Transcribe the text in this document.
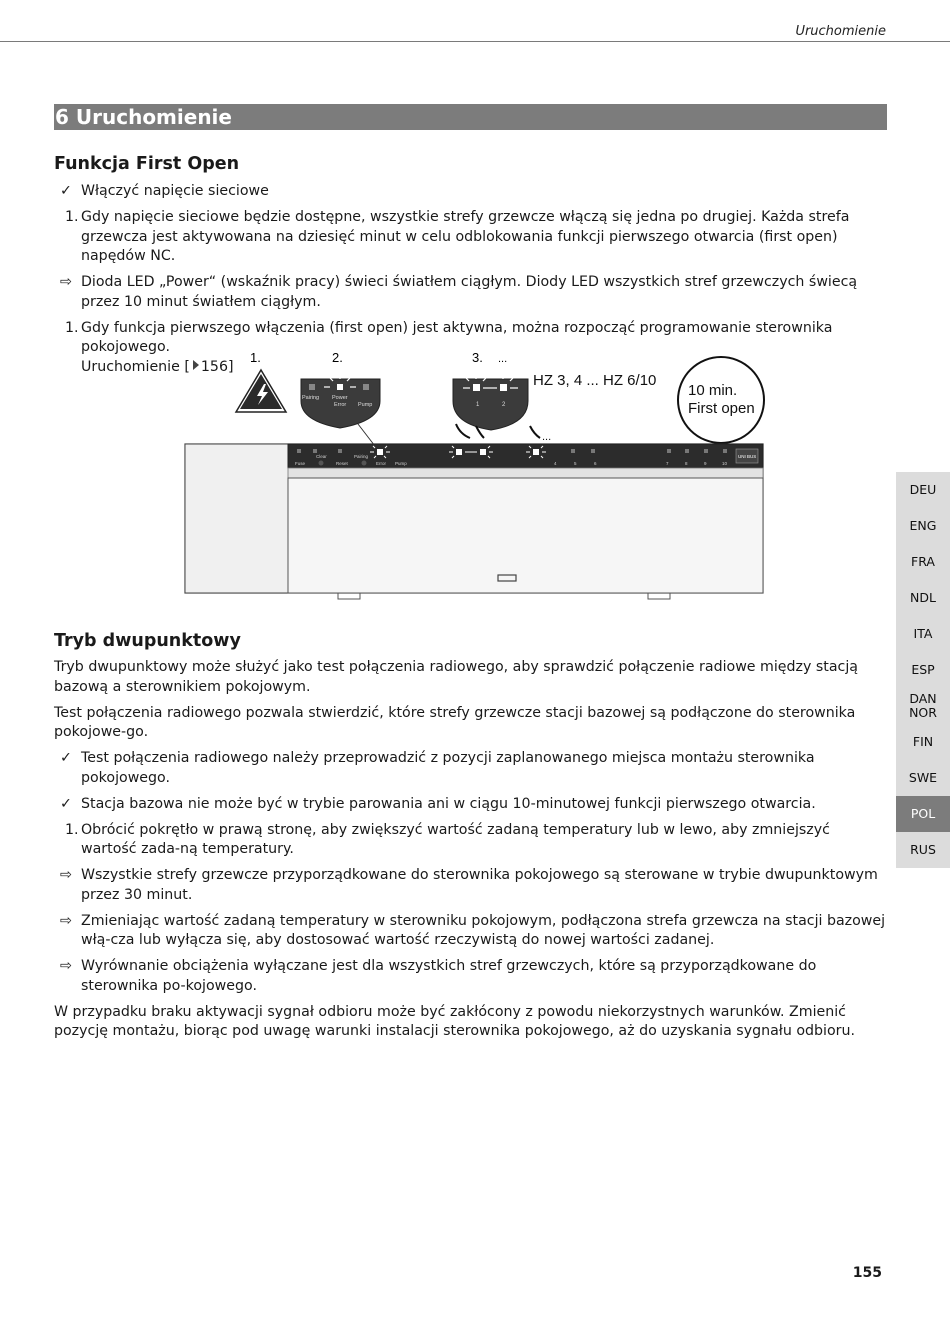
Uruchomienie
6 Uruchomienie
Funkcja First Open
✓ Włączyć napięcie sieciowe

1. Gdy napięcie sieciowe będzie dostępne, wszystkie strefy grzewcze włączą się jedna po drugiej. Każda strefa grzewcza jest aktywowana na dziesięć minut w celu odblokowania funkcji pierwszego otwarcia (first open) napędów NC.

⇨ Dioda LED „Power“ (wskaźnik pracy) świeci światłem ciągłym. Diody LED wszystkich stref grzewczych świecą przez 10 minut światłem ciągłym.

1. Gdy funkcja pierwszego włączenia (first open) jest aktywna, można rozpocząć programowanie sterownika pokojowego.
Uruchomienie [ 156]

1.	2.	3. ...
Pairing Power
Error Pump	1	2
HZ 3, 4 ... HZ 6/10
10 min.
First open
...
Fuse
Clear
Reset
Pairing
Error Pump	4	5	6	7	8	9	10
UNI BUS
Tryb dwupunktowy

Tryb dwupunktowy może służyć jako test połączenia radiowego, aby sprawdzić połączenie radiowe między stacją bazową a sterownikiem pokojowym.

Test połączenia radiowego pozwala stwierdzić, które strefy grzewcze stacji bazowej są podłączone do sterownika pokojowe-go.

✓ Test połączenia radiowego należy przeprowadzić z pozycji zaplanowanego miejsca montażu sterownika pokojowego.

✓ Stacja bazowa nie może być w trybie parowania ani w ciągu 10-minutowej funkcji pierwszego otwarcia.

1. Obrócić pokrętło w prawą stronę, aby zwiększyć wartość zadaną temperatury lub w lewo, aby zmniejszyć wartość zada-ną temperatury.

⇨ Wszystkie strefy grzewcze przyporządkowane do sterownika pokojowego są sterowane w trybie dwupunktowym przez 30 minut.

⇨ Zmieniając wartość zadaną temperatury w sterowniku pokojowym, podłączona strefa grzewcza na stacji bazowej włą-cza lub wyłącza się, aby dostosować wartość rzeczywistą do nowej wartości zadanej.

⇨ Wyrównanie obciążenia wyłączane jest dla wszystkich stref grzewczych, które są przyporządkowane do sterownika po-kojowego.

W przypadku braku aktywacji sygnał odbioru może być zakłócony z powodu niekorzystnych warunków. Zmienić pozycję montażu, biorąc pod uwagę warunki instalacji sterownika pokojowego, aż do uzyskania sygnału odbioru.

DEU
ENG
FRA
NDL
ITA
ESP
DAN NOR
FIN
SWE
POL
RUS
155
